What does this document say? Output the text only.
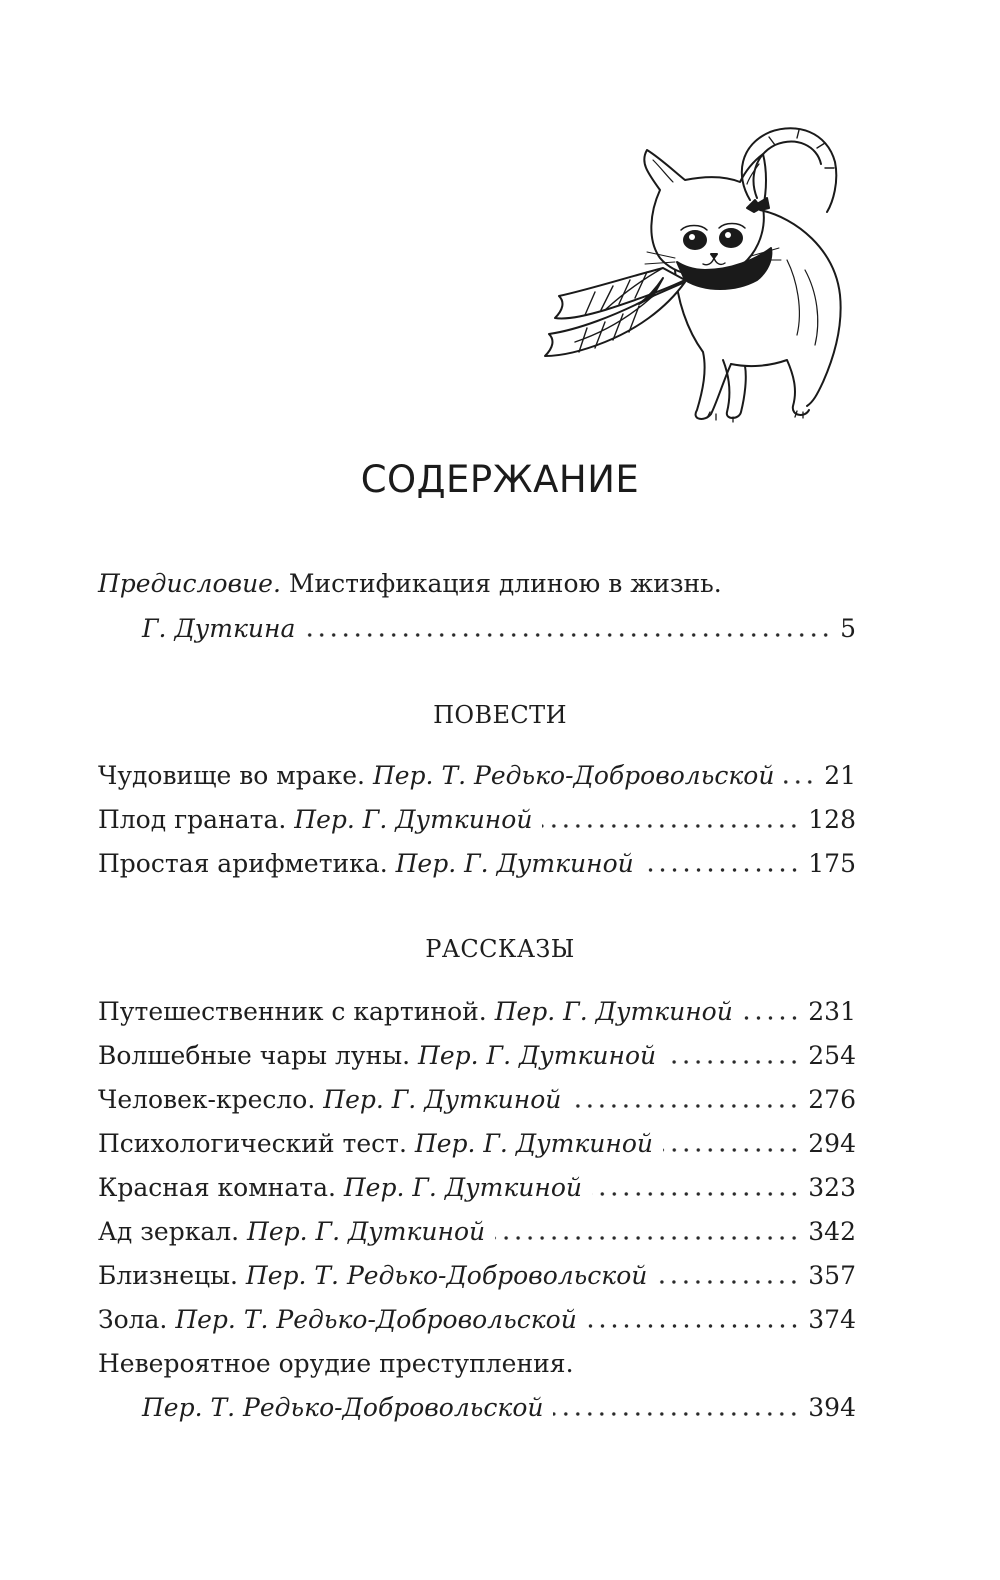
СОДЕРЖАНИЕ
Предисловие. Мистификация длиною в жизнь.
Г. Дуткина	5
ПОВЕСТИ
Чудовище во мраке. Пер. Т. Редько-Добровольской 21
Плод граната. Пер. Г. Дуткиной	128
Простая арифметика. Пер. Г. Дуткиной	175
РАССКАЗЫ
Путешественник с картиной. Пер. Г. Дуткиной	231
Волшебные чары луны. Пер. Г. Дуткиной	254
Человек-кресло. Пер. Г. Дуткиной	276
Психологический тест. Пер. Г. Дуткиной	294
Красная комната. Пер. Г. Дуткиной	323
Ад зеркал. Пер. Г. Дуткиной	342
Близнецы. Пер. Т. Редько-Добровольской	357
Зола. Пер. Т. Редько-Добровольской	374
Невероятное орудие преступления.
Пер. Т. Редько-Добровольской	394
